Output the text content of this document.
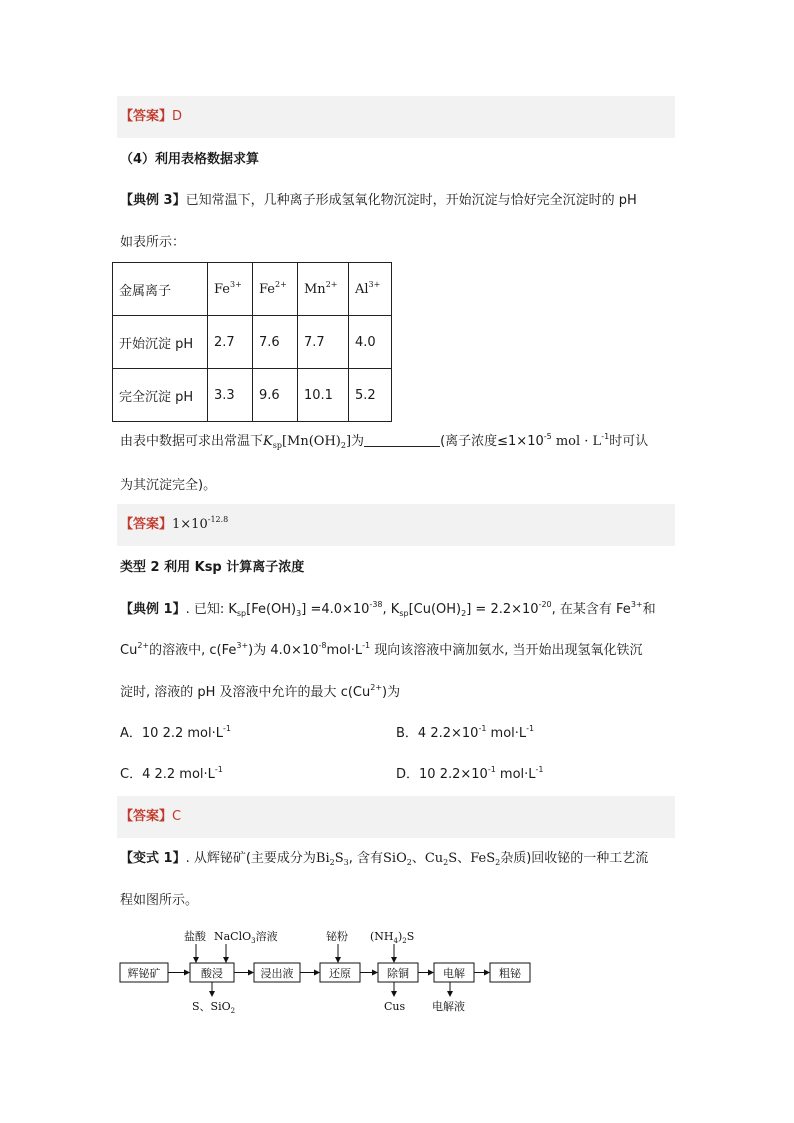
【答案】D
（4）利用表格数据求算
【典例 3】已知常温下，几种离子形成氢氧化物沉淀时，开始沉淀与恰好完全沉淀时的 pH
如表所示：
金属离子	$Fe^{3+}$	$Fe^{2+}$	$Mn^{2+}$	$Al^{3+}$
开始沉淀 pH	2.7	7.6	7.7	4.0
完全沉淀 pH	3.3	9.6	10.1	5.2
由表中数据可求出常温下$K_{sp}[Mn(OH)_2]$为	(离子浓度$\le 1\times 10^{-5}$ mol · $L^{-1}$时可认
为其沉淀完全)。
【答案】$1\times 10^{-12.8}$
类型 2 利用 Ksp 计算离子浓度
【典例 1】. 已知: $K_{sp}[Fe(OH)_3] =4.0\times 10^{-38}$, $K_{sp}[Cu(OH)_2] = 2.2\times 10^{-20}$, 在某含有 $Fe^{3+}$和
$Cu^{2+}$的溶液中, $c(Fe^{3+})$为 $4.0\times 10^{-8}mol\cdot L^{-1}$ 现向该溶液中滴加氨水, 当开始出现氢氧化铁沉
淀时, 溶液的 pH 及溶液中允许的最大 $c(Cu^{2+})$为
A．10 2.2 $mol\cdot L^{-1}$	B．4 $2.2\times 10^{-1}$ $mol\cdot L^{-1}$
C．4 2.2 $mol\cdot L^{-1}$	D．10 $2.2\times 10^{-1}$ $mol\cdot L^{-1}$
【答案】C
【变式 1】. 从辉铋矿(主要成分为$Bi_2S_3$, 含有SiO$_2$、$Cu_2S$、FeS$_2$杂质)回收铋的一种工艺流
程如图所示。
辉铋矿	酸浸	浸出液	还原	除铜	电解	粗铋
盐酸 NaClO$_3$溶液	铋粉 $(NH_4)_2S$
S、SiO$_2$	Cus 电解液
